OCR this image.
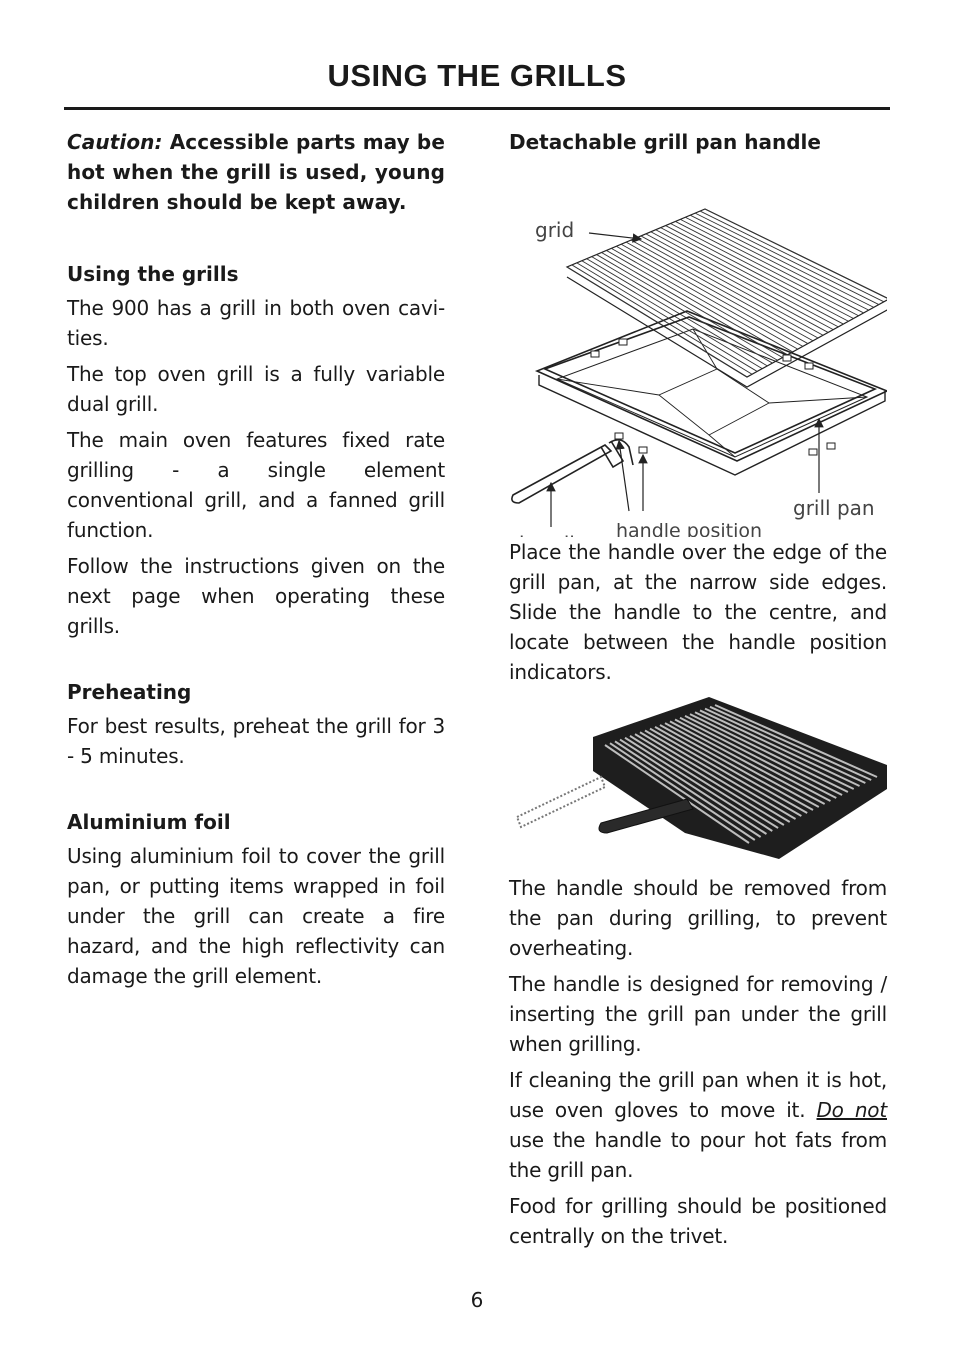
USING THE GRILLS

Caution: Accessible parts may be hot when the grill is used, young children should be kept away.

Using the grills

The 900 has a grill in both oven cavi-ties.

The top oven grill is a fully variable dual grill.

The main oven features fixed rate grilling - a single element conventional grill, and a fanned grill function.

Follow the instructions given on the next page when operating these grills.

Preheating

For best results, preheat the grill for 3 - 5 minutes.

Aluminium foil

Using aluminium foil to cover the grill pan, or putting items wrapped in foil under the grill can create a fire hazard, and the high reflectivity can damage the grill element.

Detachable grill pan handle
grid
grill pan
handle position

Place the handle over the edge of the grill pan, at the narrow side edges. Slide the handle to the centre, and locate between the handle position indicators.

The handle should be removed from the pan during grilling, to prevent overheating.

The handle is designed for removing / inserting the grill pan under the grill when grilling.

If cleaning the grill pan when it is hot, use oven gloves to move it. Do not use the handle to pour hot fats from the grill pan.

Food for grilling should be positioned centrally on the trivet.

6
